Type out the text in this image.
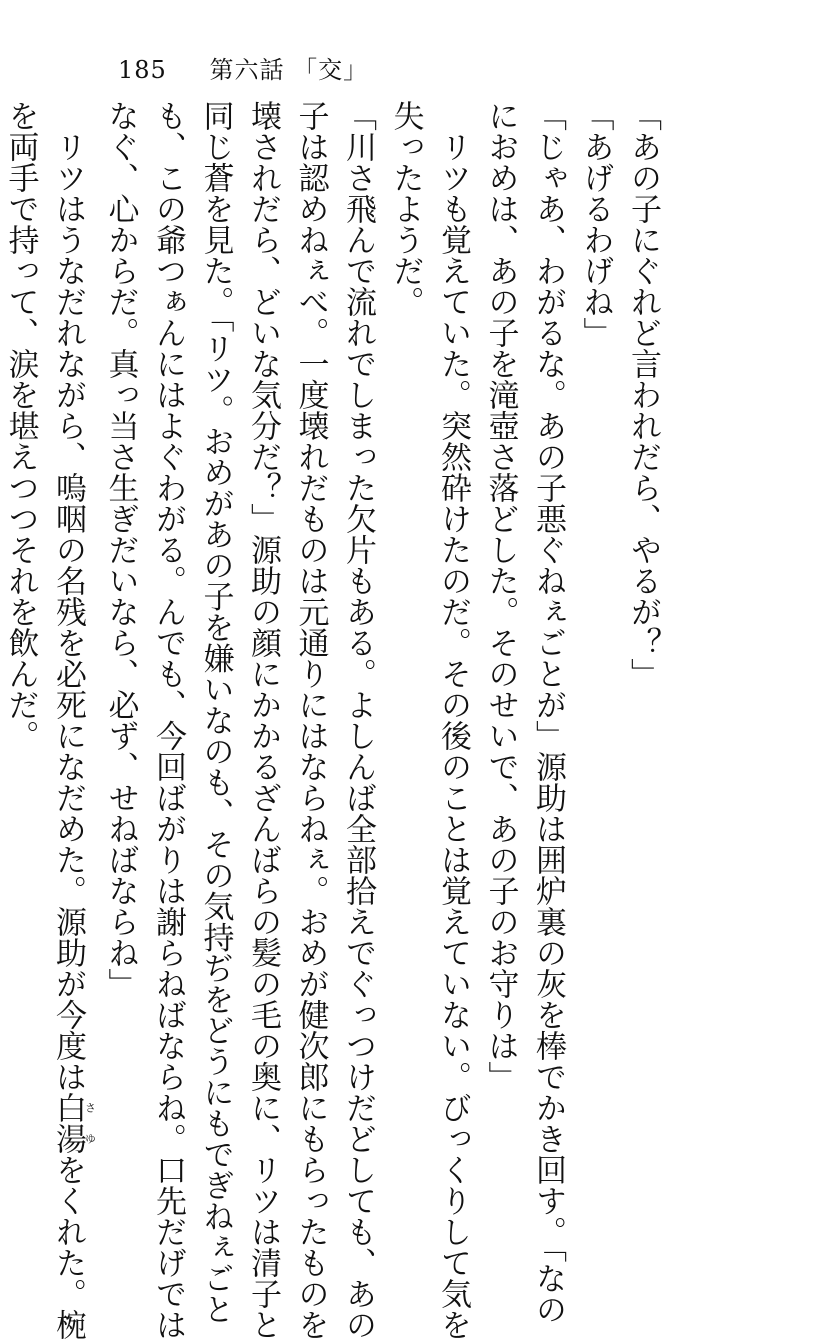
185 第六話 「交」
「あの子にぐれど言われだら、やるが？」
「あげるわげね」
「じゃあ、わがるな。あの子悪ぐねぇごとが」源助は囲炉裏の灰を棒でかき回す。「なの
におめは、あの子を滝壺さ落どした。そのせいで、あの子のお守りは」
リツも覚えていた。突然砕けたのだ。その後のことは覚えていない。びっくりして気を
失ったようだ。
「川さ飛んで流れでしまった欠片もある。よしんば全部拾えでぐっつけだどしても、あの
子は認めねぇべ。一度壊れだものは元通りにはならねぇ。おめが健次郎にもらったものを
壊されだら、どいな気分だ？」源助の顔にかかるざんばらの髪の毛の奥に、リツは清子と
同じ蒼を見た。「リツ。おめがあの子を嫌いなのも、その気持ぢをどうにもでぎねぇごと
も、この爺つぁんにはよぐわがる。んでも、今回ばがりは謝らねばならね。口先だげでは
なぐ、心からだ。真っ当さ生ぎだいなら、必ず、せねばならね」
リツはうなだれながら、嗚咽の名残を必死になだめた。源助が今度は白湯さゆをくれた。椀
を両手で持って、涙を堪えつつそれを飲んだ。
